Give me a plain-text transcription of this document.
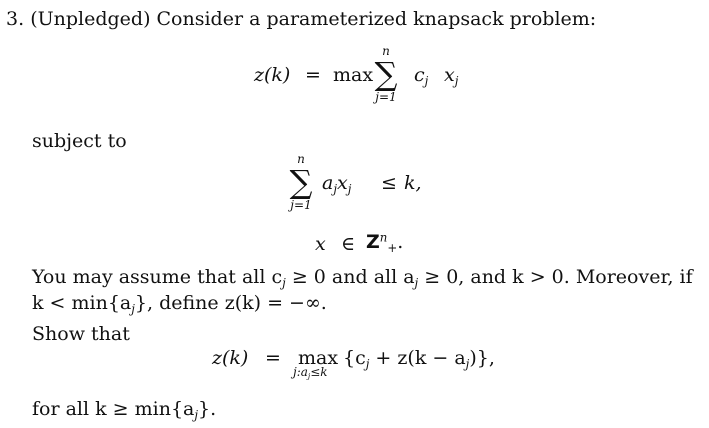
3. (Unpledged) Consider a parameterized knapsack problem:
z(k) = max
n
∑
j=1
$c_j$ $x_j$
subject to
n
∑
j=1
$a_jx_j \le k$,
x ∈ $Z^n_+$.
You may assume that all $c_j \ge 0$ and all $a_j \ge 0$, and k > 0. Moreover, if
$k < \min\{a_j\}$, define z(k) = −∞.
Show that
z(k) = max
$j:a_j\le k$
$\{c_j + z(k - a_j)\}$,
for all $k \ge \min\{a_j\}$.
